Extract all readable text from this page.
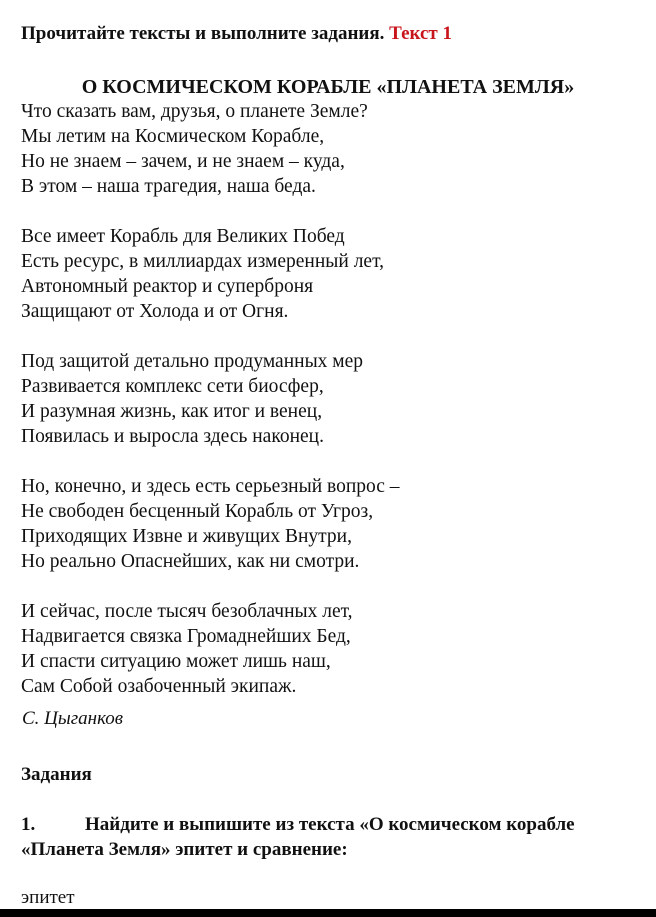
Прочитайте тексты и выполните задания. Текст 1
О КОСМИЧЕСКОМ КОРАБЛЕ «ПЛАНЕТА ЗЕМЛЯ»
Что сказать вам, друзья, о планете Земле?
Мы летим на Космическом Корабле,
Но не знаем – зачем, и не знаем – куда,
В этом – наша трагедия, наша беда.
Все имеет Корабль для Великих Побед
Есть ресурс, в миллиардах измеренный лет,
Автономный реактор и суперброня
Защищают от Холода и от Огня.
Под защитой детально продуманных мер
Развивается комплекс сети биосфер,
И разумная жизнь, как итог и венец,
Появилась и выросла здесь наконец.
Но, конечно, и здесь есть серьезный вопрос –
Не свободен бесценный Корабль от Угроз,
Приходящих Извне и живущих Внутри,
Но реально Опаснейших, как ни смотри.
И сейчас, после тысяч безоблачных лет,
Надвигается связка Громаднейших Бед,
И спасти ситуацию может лишь наш,
Сам Собой озабоченный экипаж.
С. Цыганков
Задания
1.	Найдите и выпишите из текста «О космическом корабле
«Планета Земля» эпитет и сравнение:
эпитет
